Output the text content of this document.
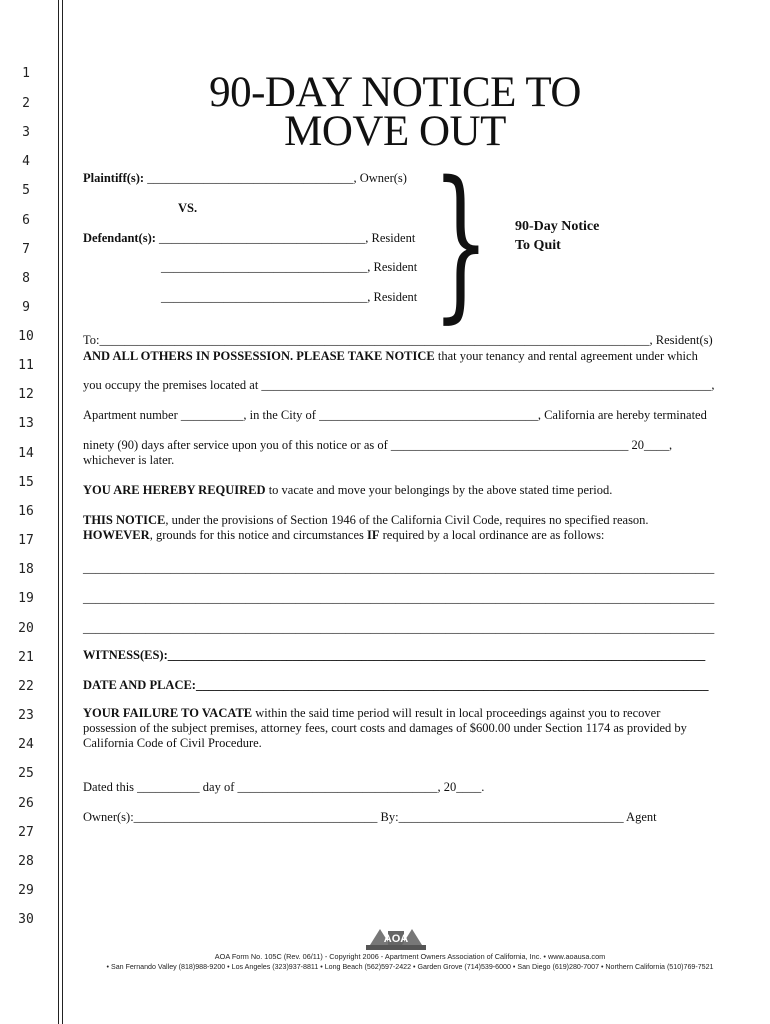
1
2
3
4
5
6
7
8
9
10
11
12
13
14
15
16
17
18
19
20
21
22
23
24
25
26
27
28
29
30
90-DAY NOTICE TO
MOVE OUT
Plaintiff(s): _________________________________, Owner(s)
VS.
Defendant(s): _________________________________, Resident
_________________________________, Resident
_________________________________, Resident } 90-Day Notice
To Quit
To:________________________________________________________________________________________, Resident(s)
AND ALL OTHERS IN POSSESSION. PLEASE TAKE NOTICE that your tenancy and rental agreement under which
you occupy the premises located at ________________________________________________________________________,
Apartment number __________, in the City of ___________________________________, California are hereby terminated
ninety (90) days after service upon you of this notice or as of ______________________________________ 20____,
whichever is later.
YOU ARE HEREBY REQUIRED to vacate and move your belongings by the above stated time period.
THIS NOTICE, under the provisions of Section 1946 of the California Civil Code, requires no specified reason.
HOWEVER, grounds for this notice and circumstances IF required by a local ordinance are as follows:
_____________________________________________________________________________________________________
_____________________________________________________________________________________________________
_____________________________________________________________________________________________________
WITNESS(ES):______________________________________________________________________________________
DATE AND PLACE:__________________________________________________________________________________
YOUR FAILURE TO VACATE within the said time period will result in local proceedings against you to recover
possession of the subject premises, attorney fees, court costs and damages of $600.00 under Section 1174 as provided by
California Code of Civil Procedure.
Dated this __________ day of ________________________________, 20____.
Owner(s):_______________________________________ By:____________________________________ Agent
AOA
AOA Form No. 105C (Rev. 06/11) - Copyright 2006 - Apartment Owners Association of California, Inc. • www.aoausa.com
• San Fernando Valley (818)988-9200 • Los Angeles (323)937-8811 • Long Beach (562)597-2422 • Garden Grove (714)539-6000 • San Diego (619)280-7007 • Northern California (510)769-7521
